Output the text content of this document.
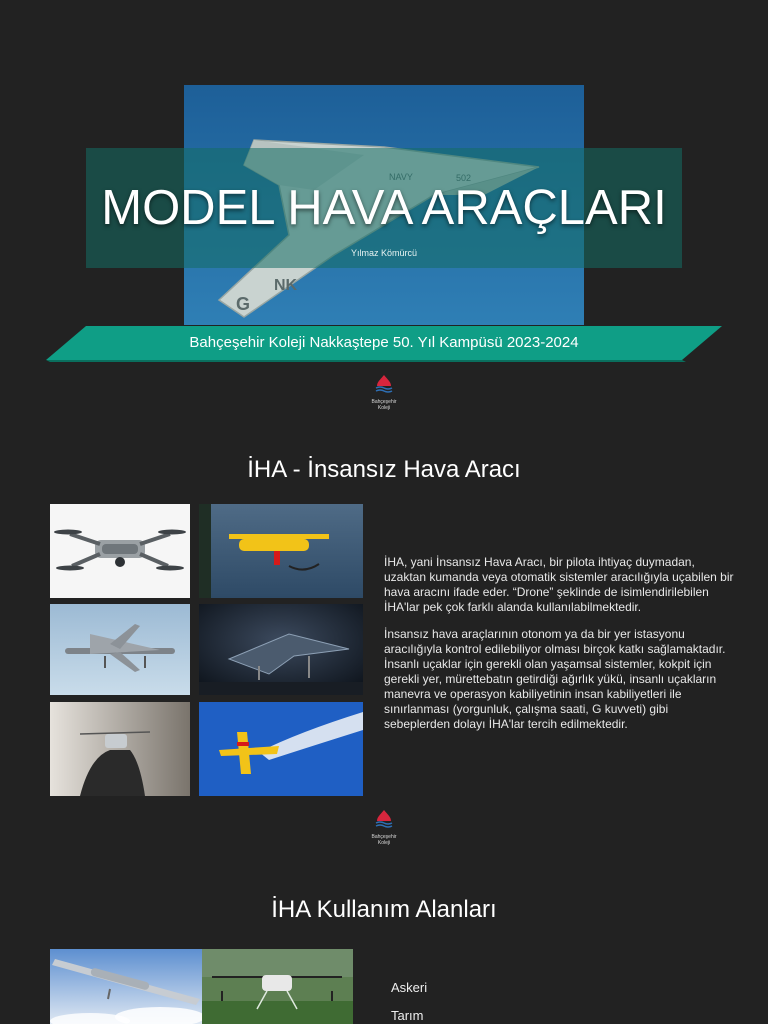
NK
G
MODEL HAVA ARAÇLARI
Yılmaz Kömürcü
Bahçeşehir Koleji Nakkaştepe 50. Yıl Kampüsü 2023-2024
Bahçeşehir
Koleji
İHA - İnsansız Hava Aracı

İHA, yani İnsansız Hava Aracı, bir pilota ihtiyaç duymadan, uzaktan kumanda veya otomatik sistemler aracılığıyla uçabilen bir hava aracını ifade eder. “Drone” şeklinde de isimlendirilebilen İHA'lar pek çok farklı alanda kullanılabilmektedir.

İnsansız hava araçlarının otonom ya da bir yer istasyonu aracılığıyla kontrol edilebiliyor olması birçok katkı sağlamaktadır. İnsanlı uçaklar için gerekli olan yaşamsal sistemler, kokpit için gerekli yer, mürettebatın getirdiği ağırlık yükü, insanlı uçakların manevra ve operasyon kabiliyetinin insan kabiliyetleri ile sınırlanması (yorgunluk, çalışma saati, G kuvveti) gibi sebeplerden dolayı İHA'lar tercih edilmektedir.

Bahçeşehir
Koleji
İHA Kullanım Alanları
Askeri
Tarım
